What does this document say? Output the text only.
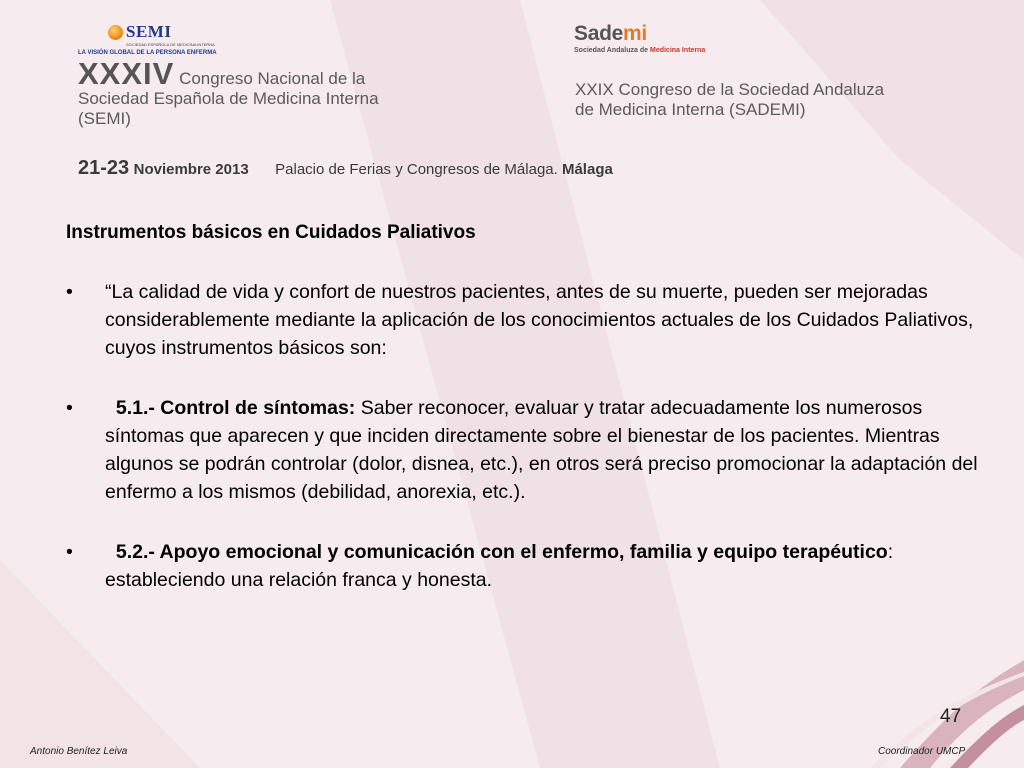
SEMI
SOCIEDAD ESPAÑOLA DE MEDICINA INTERNA
LA VISIÓN GLOBAL DE LA PERSONA ENFERMA
Sademi
Sociedad Andaluza de Medicina Interna
XXXIV Congreso Nacional de la
Sociedad Española de Medicina Interna
(SEMI)
XXIX Congreso de la Sociedad Andaluza
de Medicina Interna (SADEMI)
21-23 Noviembre 2013 Palacio de Ferias y Congresos de Málaga. Málaga
Instrumentos básicos en Cuidados Paliativos
• “La calidad de vida y confort de nuestros pacientes, antes de su muerte, pueden ser mejoradas considerablemente mediante la aplicación de los conocimientos actuales de los Cuidados Paliativos, cuyos instrumentos básicos son:
• 5.1.- Control de síntomas: Saber reconocer, evaluar y tratar adecuadamente los numerosos síntomas que aparecen y que inciden directamente sobre el bienestar de los pacientes. Mientras algunos se podrán controlar (dolor, disnea, etc.), en otros será preciso promocionar la adaptación del enfermo a los mismos (debilidad, anorexia, etc.).
• 5.2.- Apoyo emocional y comunicación con el enfermo, familia y equipo terapéutico: estableciendo una relación franca y honesta.
47
Antonio Benítez Leiva	Coordinador UMCP
